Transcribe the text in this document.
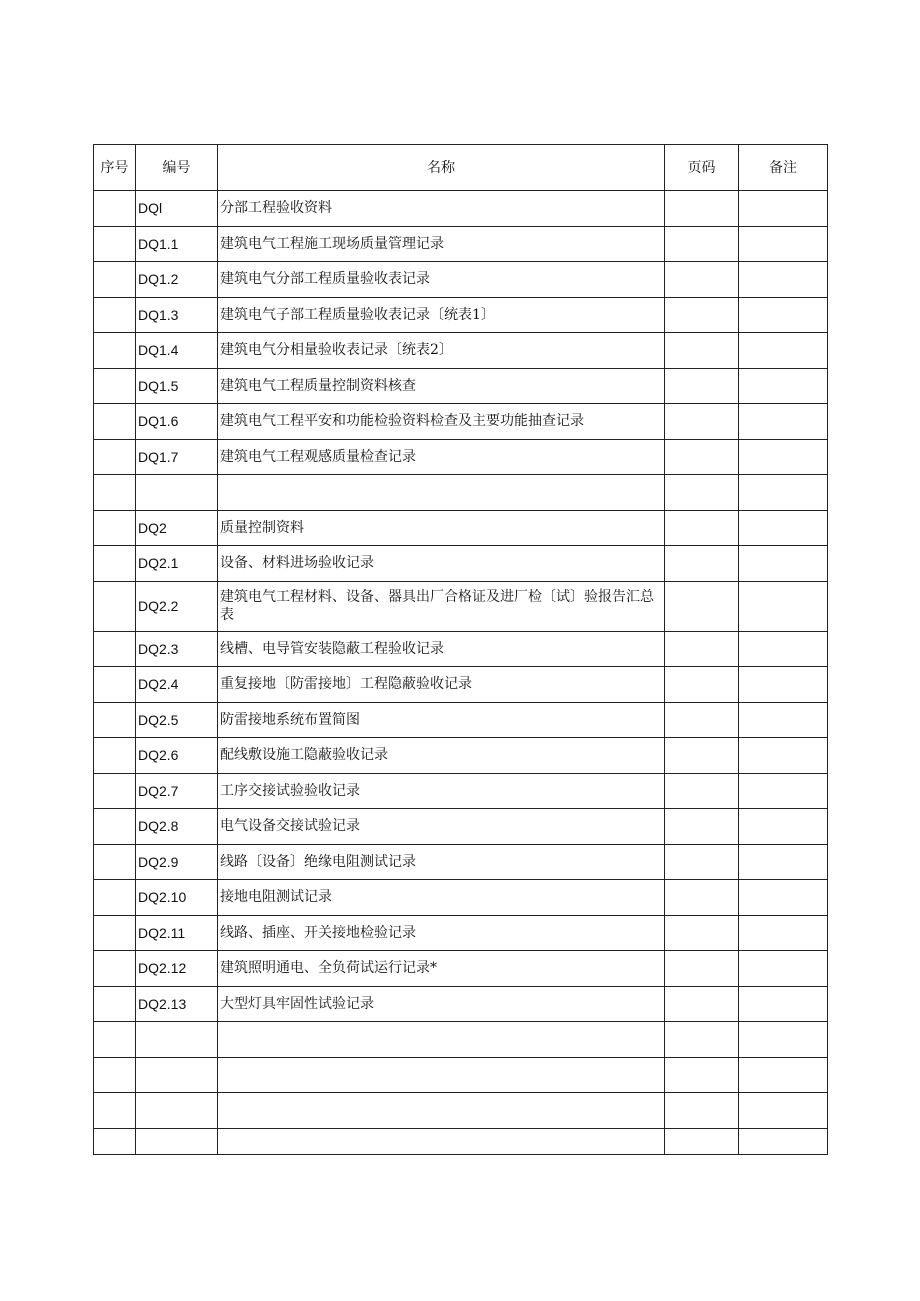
序号	编号	名称	页码	备注
	DQl	分部工程验收资料		
	DQ1.1	建筑电气工程施工现场质量管理记录		
	DQ1.2	建筑电气分部工程质量验收表记录		
	DQ1.3	建筑电气子部工程质量验收表记录〔统表1〕		
	DQ1.4	建筑电气分相量验收表记录〔统表2〕		
	DQ1.5	建筑电气工程质量控制资料核查		
	DQ1.6	建筑电气工程平安和功能检验资料检查及主要功能抽查记录		
	DQ1.7	建筑电气工程观感质量检查记录		

	DQ2	质量控制资料		
	DQ2.1	设备、材料进场验收记录		
	DQ2.2	建筑电气工程材料、设备、器具出厂合格证及进厂检〔试〕验报告汇总表		
	DQ2.3	线槽、电导管安装隐蔽工程验收记录		
	DQ2.4	重复接地〔防雷接地〕工程隐蔽验收记录		
	DQ2.5	防雷接地系统布置简图		
	DQ2.6	配线敷设施工隐蔽验收记录		
	DQ2.7	工序交接试验验收记录		
	DQ2.8	电气设备交接试验记录		
	DQ2.9	线路〔设备〕绝缘电阻测试记录		
	DQ2.10	接地电阻测试记录		
	DQ2.11	线路、插座、开关接地检验记录		
	DQ2.12	建筑照明通电、全负荷试运行记录*		
	DQ2.13	大型灯具牢固性试验记录		
